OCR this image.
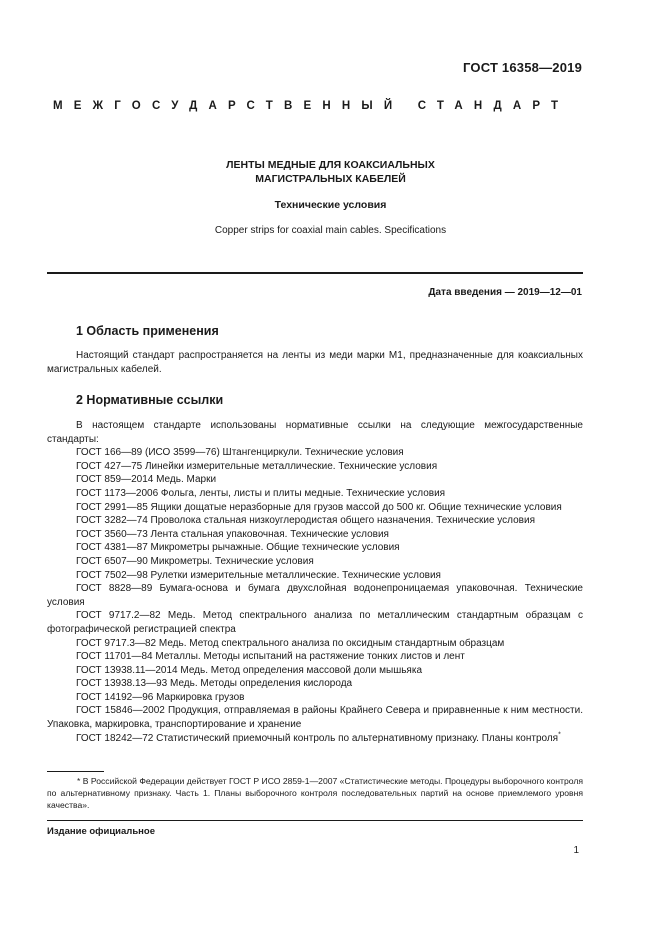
ГОСТ 16358—2019
МЕЖГОСУДАРСТВЕННЫЙ СТАНДАРТ
ЛЕНТЫ МЕДНЫЕ ДЛЯ КОАКСИАЛЬНЫХ
МАГИСТРАЛЬНЫХ КАБЕЛЕЙ
Технические условия
Copper strips for coaxial main cables. Specifications
Дата введения — 2019—12—01
1 Область применения
Настоящий стандарт распространяется на ленты из меди марки М1, предназначенные для коаксиальных магистральных кабелей.
2 Нормативные ссылки
В настоящем стандарте использованы нормативные ссылки на следующие межгосударственные стандарты:
ГОСТ 166—89 (ИСО 3599—76) Штангенциркули. Технические условия
ГОСТ 427—75 Линейки измерительные металлические. Технические условия
ГОСТ 859—2014 Медь. Марки
ГОСТ 1173—2006 Фольга, ленты, листы и плиты медные. Технические условия
ГОСТ 2991—85 Ящики дощатые неразборные для грузов массой до 500 кг. Общие технические условия
ГОСТ 3282—74 Проволока стальная низкоуглеродистая общего назначения. Технические условия
ГОСТ 3560—73 Лента стальная упаковочная. Технические условия
ГОСТ 4381—87 Микрометры рычажные. Общие технические условия
ГОСТ 6507—90 Микрометры. Технические условия
ГОСТ 7502—98 Рулетки измерительные металлические. Технические условия
ГОСТ 8828—89 Бумага-основа и бумага двухслойная водонепроницаемая упаковочная. Технические условия
ГОСТ 9717.2—82 Медь. Метод спектрального анализа по металлическим стандартным образцам с фотографической регистрацией спектра
ГОСТ 9717.3—82 Медь. Метод спектрального анализа по оксидным стандартным образцам
ГОСТ 11701—84 Металлы. Методы испытаний на растяжение тонких листов и лент
ГОСТ 13938.11—2014 Медь. Метод определения массовой доли мышьяка
ГОСТ 13938.13—93 Медь. Методы определения кислорода
ГОСТ 14192—96 Маркировка грузов
ГОСТ 15846—2002 Продукция, отправляемая в районы Крайнего Севера и приравненные к ним местности. Упаковка, маркировка, транспортирование и хранение
ГОСТ 18242—72 Статистический приемочный контроль по альтернативному признаку. Планы контроля*
* В Российской Федерации действует ГОСТ Р ИСО 2859-1—2007 «Статистические методы. Процедуры выборочного контроля по альтернативному признаку. Часть 1. Планы выборочного контроля последовательных партий на основе приемлемого уровня качества».
Издание официальное
1
